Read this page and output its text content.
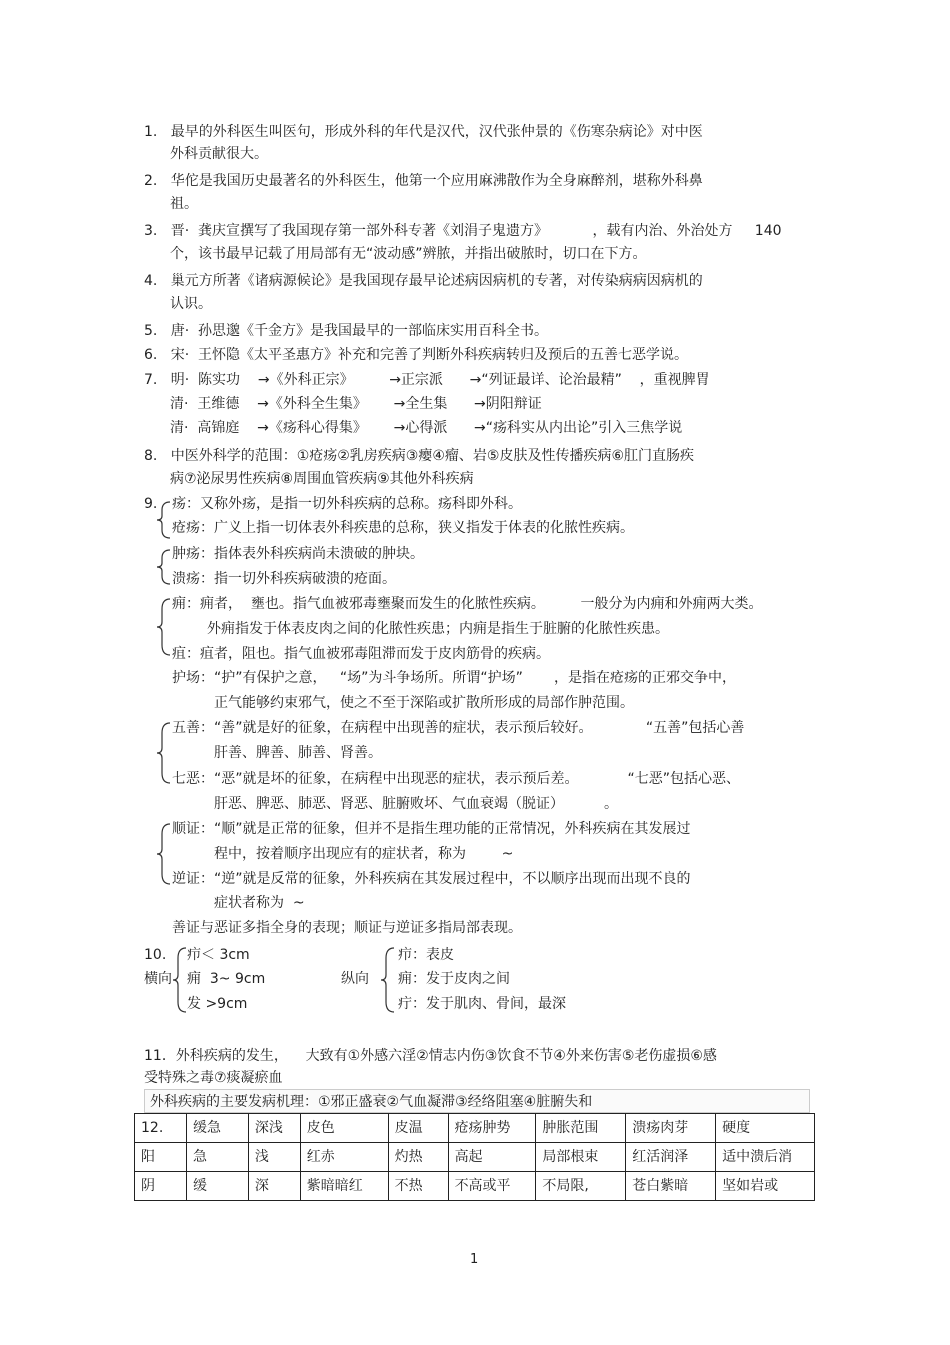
1.   最早的外科医生叫医句，形成外科的年代是汉代，汉代张仲景的《伤寒杂病论》对中医
外科贡献很大。
2.   华佗是我国历史最著名的外科医生，他第一个应用麻沸散作为全身麻醉剂，堪称外科鼻
祖。
3.   晋·  龚庆宣撰写了我国现存第一部外科专著《刘涓子鬼遗方》          ，载有内治、外治处方     140
个，该书最早记载了用局部有无“波动感”辨脓，并指出破脓时，切口在下方。
4.   巢元方所著《诸病源候论》是我国现存最早论述病因病机的专著，对传染病病因病机的
认识。
5.   唐·  孙思邈《千金方》是我国最早的一部临床实用百科全书。
6.   宋·  王怀隐《太平圣惠方》补充和完善了判断外科疾病转归及预后的五善七恶学说。
7.   明·  陈实功    →《外科正宗》        →正宗派      →“列证最详、论治最精”    ，重视脾胃
清·  王维德    →《外科全生集》      →全生集      →阴阳辩证
清·  高锦庭    →《疡科心得集》      →心得派      →“疡科实从内出论”引入三焦学说
8.   中医外科学的范围：①疮疡②乳房疾病③瘿④瘤、岩⑤皮肤及性传播疾病⑥肛门直肠疾
病⑦泌尿男性疾病⑧周围血管疾病⑨其他外科疾病
9. 疡：又称外疡，是指一切外科疾病的总称。疡科即外科。
疮疡：广义上指一切体表外科疾患的总称，狭义指发于体表的化脓性疾病。
肿疡：指体表外科疾病尚未溃破的肿块。
溃疡：指一切外科疾病破溃的疮面。
痈：痈者，  壅也。指气血被邪毒壅聚而发生的化脓性疾病。        一般分为内痈和外痈两大类。
外痈指发于体表皮肉之间的化脓性疾患；内痈是指生于脏腑的化脓性疾患。
疽：疽者，阻也。指气血被邪毒阻滞而发于皮肉筋骨的疾病。
护场：“护”有保护之意，   “场”为斗争场所。所谓“护场”       ，是指在疮疡的正邪交争中，
正气能够约束邪气，使之不至于深陷或扩散所形成的局部作肿范围。
五善：“善”就是好的征象，在病程中出现善的症状，表示预后较好。            “五善”包括心善
肝善、脾善、肺善、肾善。
七恶：“恶”就是坏的征象，在病程中出现恶的症状，表示预后差。           “七恶”包括心恶、
肝恶、脾恶、肺恶、肾恶、脏腑败坏、气血衰竭（脱证）         。
顺证：“顺”就是正常的征象，但并不是指生理功能的正常情况，外科疾病在其发展过
程中，按着顺序出现应有的症状者，称为        ~
逆证：“逆”就是反常的征象，外科疾病在其发展过程中，不以顺序出现而出现不良的
症状者称为  ~
善证与恶证多指全身的表现；顺证与逆证多指局部表现。
10.
横向
疖＜ 3cm
痈  3~ 9cm
发 >9cm
纵向
疖：表皮
痈：发于皮肉之间
疔：发于肌肉、骨间，最深
11．外科疾病的发生，    大致有①外感六淫②情志内伤③饮食不节④外来伤害⑤老伤虚损⑥感
受特殊之毒⑦痰凝瘀血
外科疾病的主要发病机理：①邪正盛衰②气血凝滞③经络阻塞④脏腑失和
12.	缓急	深浅	皮色	皮温	疮疡肿势	肿胀范围	溃疡肉芽	硬度
阳	急	浅	红赤	灼热	高起	局部根束	红活润泽	适中溃后消
阴	缓	深	紫暗暗红	不热	不高或平	不局限,	苍白紫暗	坚如岩或
1
